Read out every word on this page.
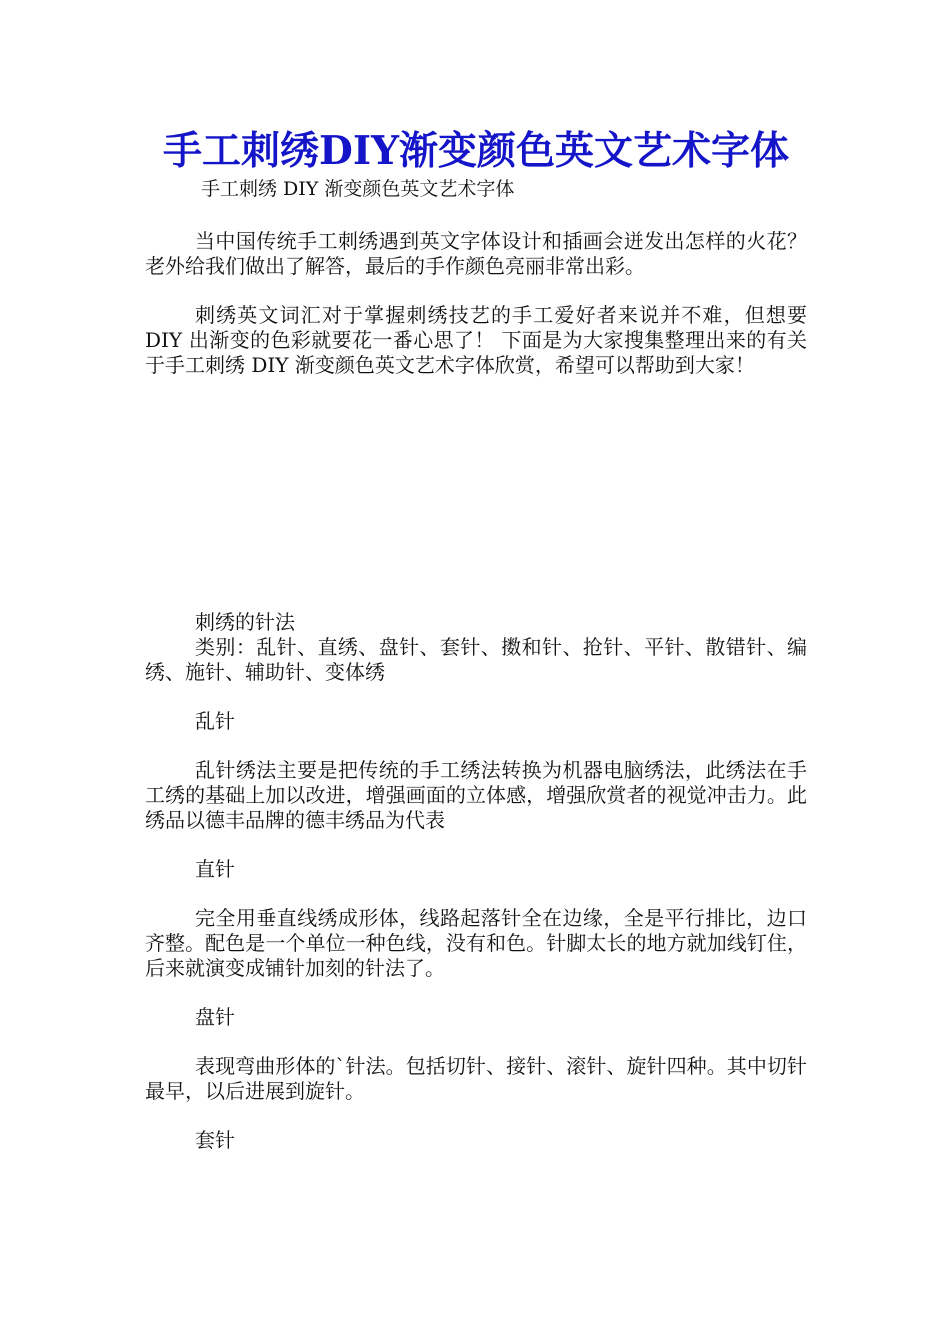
手工刺绣DIY渐变颜色英文艺术字体
手工刺绣 DIY 渐变颜色英文艺术字体

当中国传统手工刺绣遇到英文字体设计和插画会迸发出怎样的火花？老外给我们做出了解答，最后的手作颜色亮丽非常出彩。

刺绣英文词汇对于掌握刺绣技艺的手工爱好者来说并不难，但想要 DIY 出渐变的色彩就要花一番心思了！ 下面是为大家搜集整理出来的有关于手工刺绣 DIY 渐变颜色英文艺术字体欣赏，希望可以帮助到大家！

刺绣的针法

类别：乱针、直绣、盘针、套针、擞和针、抢针、平针、散错针、编绣、施针、辅助针、变体绣

乱针

乱针绣法主要是把传统的手工绣法转换为机器电脑绣法，此绣法在手工绣的基础上加以改进，增强画面的立体感，增强欣赏者的视觉冲击力。此绣品以德丰品牌的德丰绣品为代表

直针

完全用垂直线绣成形体，线路起落针全在边缘，全是平行排比，边口齐整。配色是一个单位一种色线，没有和色。针脚太长的地方就加线钉住，后来就演变成铺针加刻的针法了。

盘针

表现弯曲形体的`针法。包括切针、接针、滚针、旋针四种。其中切针最早，以后进展到旋针。

套针
